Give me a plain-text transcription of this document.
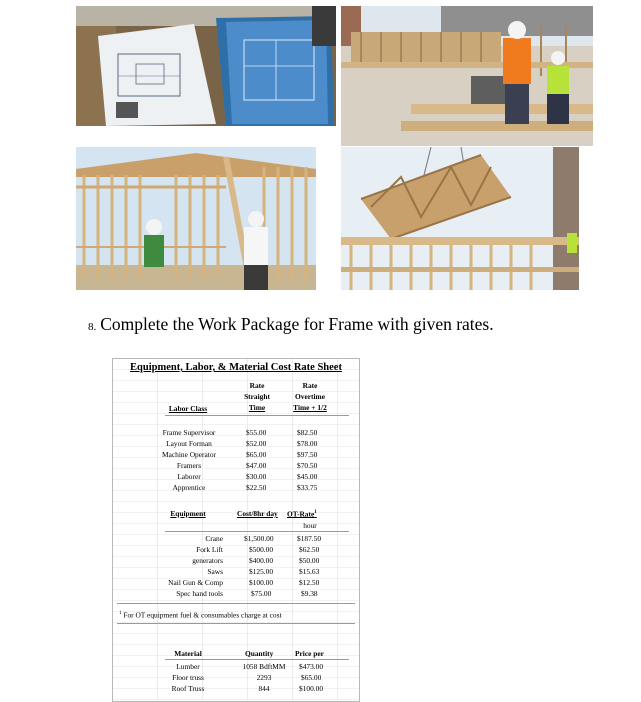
8. Complete the Work Package for Frame with given rates.
Equipment, Labor, & Material Cost Rate Sheet
Rate
Straight
Time
Rate
Overtime
Time + 1/2
Labor Class
Frame Supervisor	$55.00	$82.50
Layout Forman	$52.00	$78.00
Machine Operator	$65.00	$97.50
Framers	$47.00	$70.50
Laborer	$30.00	$45.00
Apprentice	$22.50	$33.75
Equipment	Cost/8hr day OT-Rate$^1$
hour
Crane	$1,500.00	$187.50
Fork Lift	$500.00	$62.50
generators	$400.00	$50.00
Saws	$125.00	$15.63
Nail Gun & Comp	$100.00	$12.50
Spec hand tools	$75.00	$9.38
$^1$ For OT equipment fuel & consumables charge at cost
Material	Quantity	Price per
Lumber	1058 BdftMM	$473.00
Floor truss	2293	$65.00
Roof Truss	844	$100.00
